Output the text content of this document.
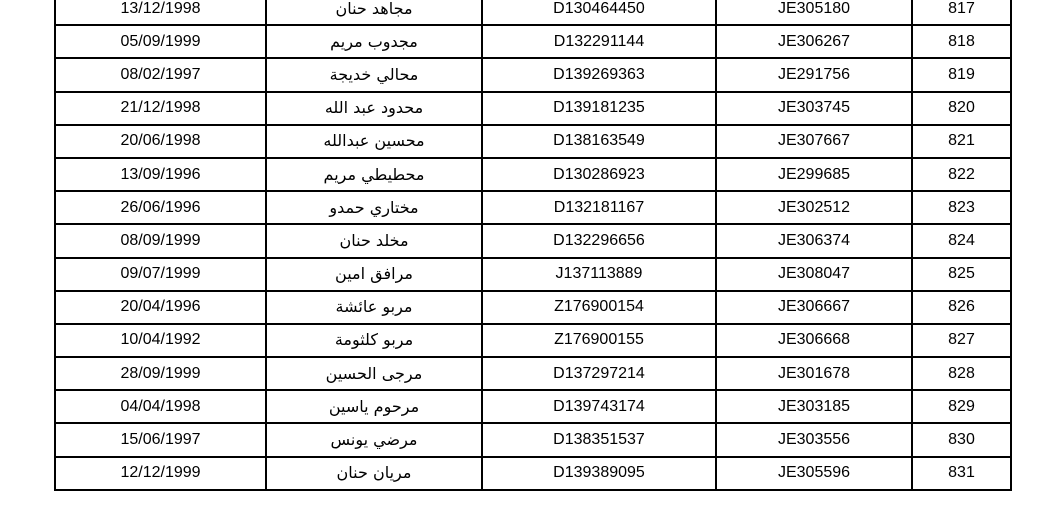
13/12/1998	مجاهد حنان	D130464450	JE305180	817
05/09/1999	مجدوب مريم	D132291144	JE306267	818
08/02/1997	محالي خديجة	D139269363	JE291756	819
21/12/1998	محدود عبد الله	D139181235	JE303745	820
20/06/1998	محسين عبدالله	D138163549	JE307667	821
13/09/1996	محطيطي مريم	D130286923	JE299685	822
26/06/1996	مختاري حمدو	D132181167	JE302512	823
08/09/1999	مخلد حنان	D132296656	JE306374	824
09/07/1999	مرافق امين	J137113889	JE308047	825
20/04/1996	مربو عائشة	Z176900154	JE306667	826
10/04/1992	مربو كلثومة	Z176900155	JE306668	827
28/09/1999	مرجى الحسين	D137297214	JE301678	828
04/04/1998	مرحوم ياسين	D139743174	JE303185	829
15/06/1997	مرضي يونس	D138351537	JE303556	830
12/12/1999	مريان حنان	D139389095	JE305596	831
